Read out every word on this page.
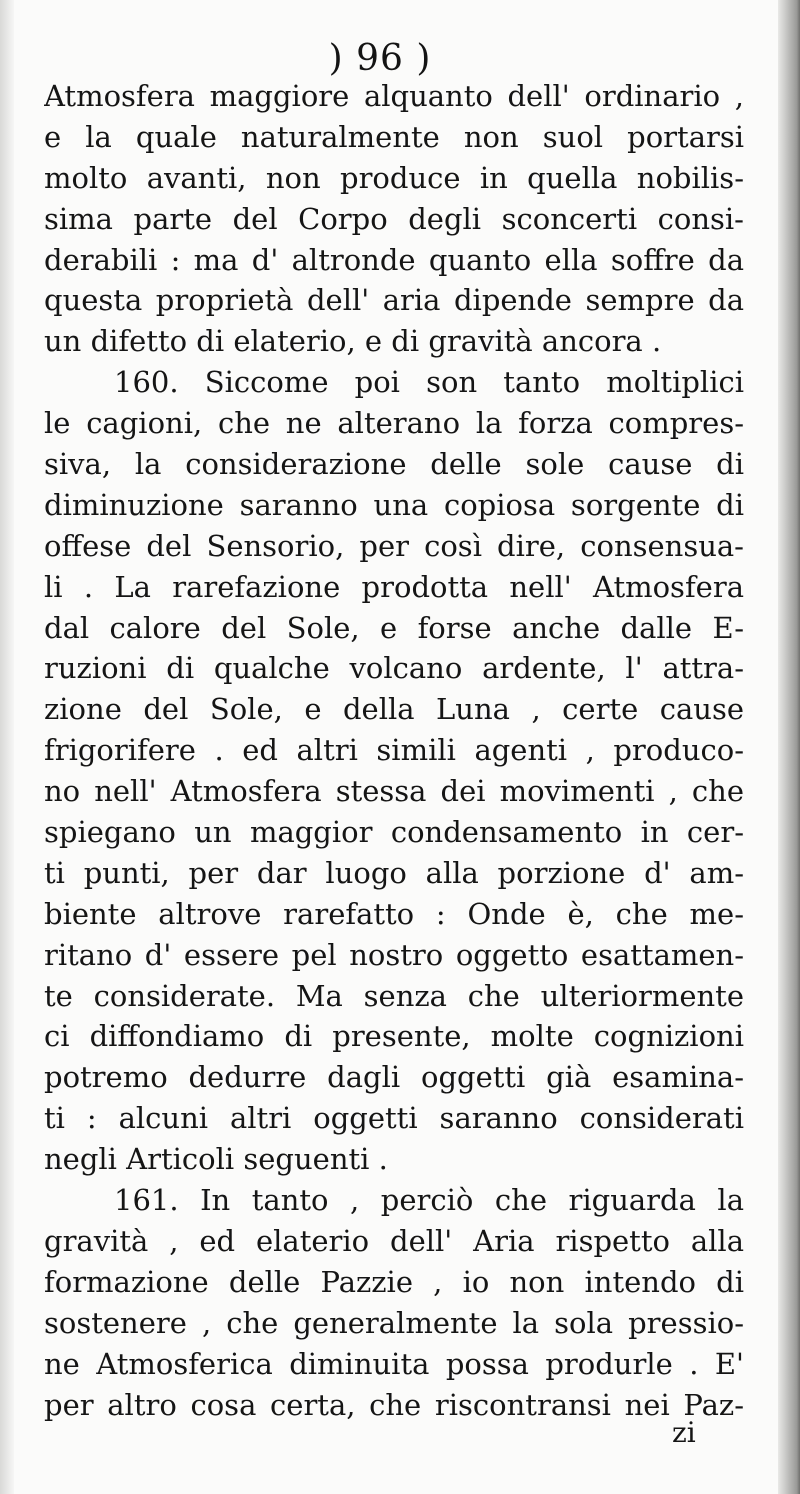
) 96 )
Atmosfera maggiore alquanto dell' ordinario ,
e la quale naturalmente non suol portarsi
molto avanti, non produce in quella nobilis-
sima parte del Corpo degli sconcerti consi-
derabili : ma d' altronde quanto ella soffre da
questa proprietà dell' aria dipende sempre da
un difetto di elaterio, e di gravità ancora .
160. Siccome poi son tanto moltiplici
le cagioni, che ne alterano la forza compres-
siva, la considerazione delle sole cause di
diminuzione saranno una copiosa sorgente di
offese del Sensorio, per così dire, consensua-
li . La rarefazione prodotta nell' Atmosfera
dal calore del Sole, e forse anche dalle E-
ruzioni di qualche volcano ardente, l' attra-
zione del Sole, e della Luna , certe cause
frigorifere . ed altri simili agenti , produco-
no nell' Atmosfera stessa dei movimenti , che
spiegano un maggior condensamento in cer-
ti punti, per dar luogo alla porzione d' am-
biente altrove rarefatto : Onde è, che me-
ritano d' essere pel nostro oggetto esattamen-
te considerate. Ma senza che ulteriormente
ci diffondiamo di presente, molte cognizioni
potremo dedurre dagli oggetti già esamina-
ti : alcuni altri oggetti saranno considerati
negli Articoli seguenti .
161. In tanto , perciò che riguarda la
gravità , ed elaterio dell' Aria rispetto alla
formazione delle Pazzie , io non intendo di
sostenere , che generalmente la sola pressio-
ne Atmosferica diminuita possa produrle . E'
per altro cosa certa, che riscontransi nei Paz-
zi
